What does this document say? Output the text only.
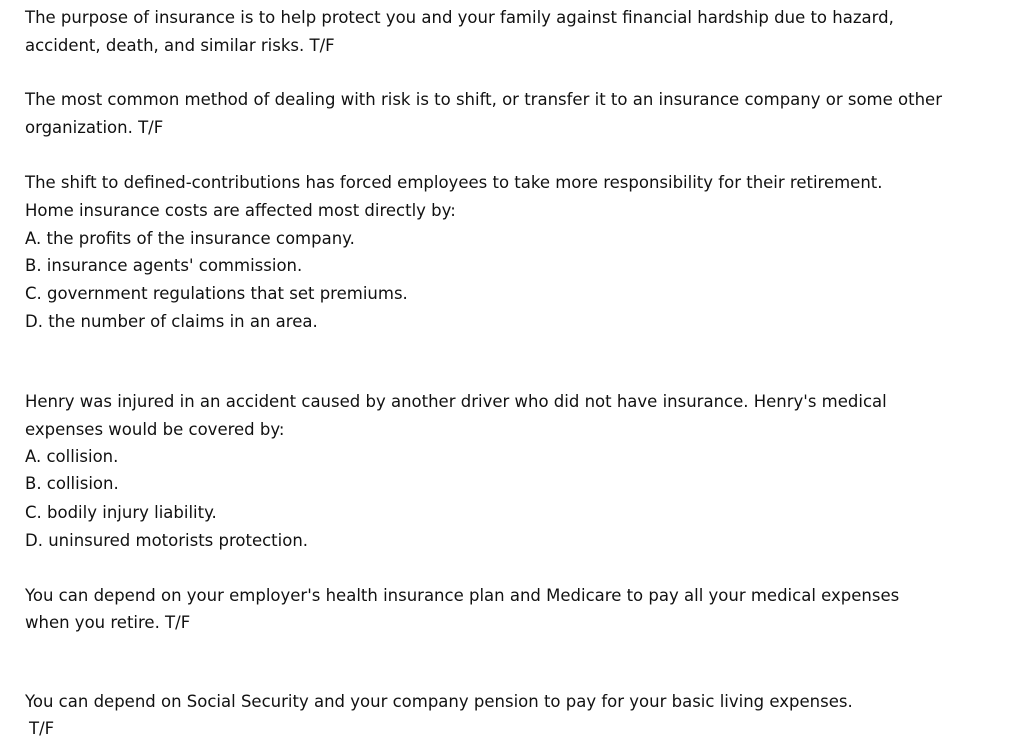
The purpose of insurance is to help protect you and your family against financial hardship due to hazard,
accident, death, and similar risks. T/F
The most common method of dealing with risk is to shift, or transfer it to an insurance company or some other
organization. T/F
The shift to defined-contributions has forced employees to take more responsibility for their retirement.
Home insurance costs are affected most directly by:
A. the profits of the insurance company.
B. insurance agents' commission.
C. government regulations that set premiums.
D. the number of claims in an area.
Henry was injured in an accident caused by another driver who did not have insurance. Henry's medical
expenses would be covered by:
A. collision.
B. collision.
C. bodily injury liability.
D. uninsured motorists protection.
You can depend on your employer's health insurance plan and Medicare to pay all your medical expenses
when you retire. T/F
You can depend on Social Security and your company pension to pay for your basic living expenses.
T/F
